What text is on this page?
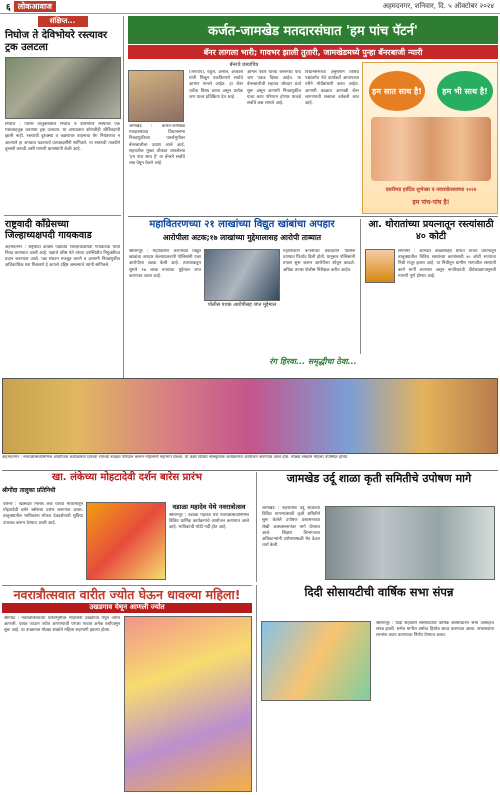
६ लोकआवाज	अहमदनगर, शनिवार, दि. ५ ऑक्टोबर २०२४
संक्षिप्त...
निघोज ते देविभोयरे रस्त्यावर ट्रक उलटला
निघोज : पारनेर तालुक्यातील निघोज ते देविभोयरे रस्त्यावर एक मालवाहतूक करणारा ट्रक उलटला. या अपघातात कोणतीही जीवितहानी झाली नाही. रस्त्याची दुरवस्था व वळणावर वाहनाचा वेग नियंत्रणात न आल्याने हा अपघात घडल्याचे प्रत्यक्षदर्शींनी सांगितले. या रस्त्याची तातडीने दुरुस्ती करावी अशी मागणी ग्रामस्थांनी केली आहे.
राष्ट्रवादी काँग्रेसच्या जिल्हाध्यक्षपदी गायकवाड
अहमदनगर : राष्ट्रवादी काँग्रेस पक्षाच्या जिल्हाध्यक्षपदी गायकवाड यांची निवड करण्यात आली आहे. पक्षाचे वरिष्ठ नेते यांच्या उपस्थितीत नियुक्तीपत्र प्रदान करण्यात आले. पक्ष संघटन मजबूत करणे व आगामी निवडणुकीत अधिकाधिक यश मिळवणे हे आपले उद्दिष्ट असल्याचे त्यांनी सांगितले.
कर्जत-जामखेड मतदारसंघात 'हम पांच पॅटर्न'
बॅनर लागला भारी; गावभर झाली तुतारी, जामखेडमध्ये पुन्हा बॅनरबाजी न्यारी
बॅनरचे छायाचित्र
जामखेड : कर्जत-जामखेड मतदारसंघात विधानसभा निवडणुकीच्या पार्श्वभूमीवर बॅनरबाजीला उधाण आले आहे. शहरातील मुख्य चौकात लावलेल्या 'हम पांच साथ है' या बॅनरने सर्वांचे लक्ष वेधून घेतले आहे.
(जगताप), राहुल, अमोल, आकाश यांनी मिळून एकत्रितपणे सर्वांचे आभार मानले आहेत. हा बॅनर चर्चेचा विषय ठरला असून प्रत्येक जण यावर प्रतिक्रिया देत आहे.
अनिल पवार यांच्या बॅनरमध्ये पाच जण एकत्र दिसत आहेत. या बॅनरबाजीची शहरात जोरदार चर्चा सुरू असून आगामी निवडणुकीत याचा काय परिणाम होणार याकडे सर्वांचे लक्ष लागले आहे.
विधानसभेच्या अनुषंगाने विविध पक्षांतर्गत नेते कार्यकर्ते आपापल्या परीने मोर्चेबांधणी करत आहेत. आगामी काळात आणखी बॅनर लागण्याची शक्यता वर्तवली जात आहे.
हम सात साथ है!	हम भी साथ है!
दसरीच्या हार्दिक शुभेच्छा व नवरात्रोत्सवाच्या २०२४
हम पांच-पांच है!
महावितरणच्या २१ लाखांच्या विद्युत खांबांचा अपहार
आरोपीला अटक;१७ लाखांच्या मुद्देमालासह आरोपी ताब्यात
श्रीरामपूर : महावितरण कंपनीच्या विद्युत खांबांचा अपहार केल्याप्रकरणी पोलिसांनी एका आरोपीला अटक केली आहे. त्याच्याकडून सुमारे १७ लाख रुपयांचा मुद्देमाल जप्त करण्यात आला आहे.
पोलीस पथक आरोपीसह जप्त मुद्देमाल
महावितरण कंपनीच्या ठेकेदाराने पोलीस ठाण्यात फिर्याद दिली होती. यानुसार पोलिसांनी तपास सुरू करून आरोपीला शोधून काढले. अधिक तपास पोलीस निरीक्षक करीत आहेत.
आ. थोरातांच्या प्रयत्नातून रस्त्यांसाठी ४० कोटी
संगमनेर : आमदार बाळासाहेब थोरात यांच्या प्रयत्नातून तालुक्यातील विविध रस्त्यांच्या कामांसाठी ४० कोटी रुपयांचा निधी मंजूर झाला आहे. या निधीतून ग्रामीण भागातील रस्त्यांची कामे मार्गी लागणार असून नागरिकांची दीर्घकाळापासूनची मागणी पूर्ण होणार आहे.
रंग हिरवा... समृद्धीचा ठेवा...
अहमदनगर : नवरात्रोत्सवानिमित्त आयोजित कार्यक्रमात हिरव्या रंगाच्या साड्या परिधान करून महिलांनी सहभाग घेतला. या वेळी विविध सांस्कृतिक कार्यक्रमांचे आयोजन करण्यात आले होते. मोठ्या संख्येने महिला उपस्थित होत्या.
खा. लंकेच्या मोहटादेवी दर्शन बारेस प्रारंभ
श्रीगोंदा तालुका प्रतिनिधी
पारनेर : खासदार निलेश लंके यांच्या माध्यमातून मोहटादेवी दर्शन बसेसचा प्रारंभ करण्यात आला. तालुक्यातील भाविकांना मोफत देवदर्शनाची सुविधा उपलब्ध करून देण्यात आली आहे.
वडाळा महादेव येथे नवरात्रोत्सव
श्रीरामपूर : वडाळा महादेव येथे नवरात्रोत्सवानिमित्त विविध धार्मिक कार्यक्रमांचे आयोजन करण्यात आले आहे. भाविकांची मोठी गर्दी होत आहे.
जामखेड उर्दू शाळा कृती समितीचे उपोषण मागे
जामखेड : शहरातील उर्दू शाळेच्या विविध मागण्यांसाठी कृती समितीने सुरू केलेले उपोषण प्रशासनाच्या लेखी आश्वासनानंतर मागे घेण्यात आले. शिक्षण विभागाच्या अधिकाऱ्यांनी उपोषणस्थळी भेट देऊन चर्चा केली.
नवरात्रौत्सवात वारीत ज्योत घेऊन धावल्या महिला!
उखडगाव येथून आणली ज्योत
श्रीगोंदा : नवरात्रोत्सवाच्या पार्श्वभूमीवर महिलांनी उखडगाव येथून ज्योत आणली. धावत जाऊन ज्योत आणण्याची परंपरा गावात अनेक वर्षांपासून सुरू आहे. या उपक्रमात मोठ्या संख्येने महिला सहभागी झाल्या होत्या.
दिदी सोसायटीची वार्षिक सभा संपन्न
श्रीरामपूर : दिदी सहकारी सोसायटीची वार्षिक सर्वसाधारण सभा उत्साहात संपन्न झाली. सभेत मागील वर्षाचा हिशोब सादर करण्यात आला. सभासदांना लाभांश वाटप करण्याचा निर्णय घेण्यात आला.
